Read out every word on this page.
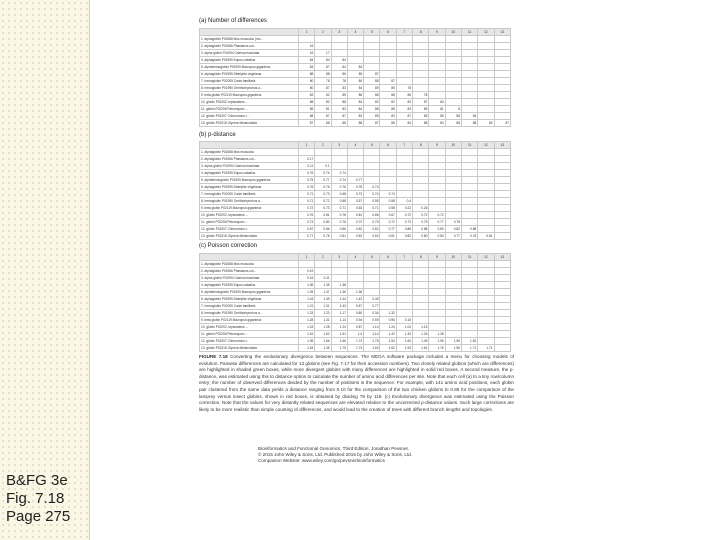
B&FG 3e
Fig. 7.18
Page 275
(a) Number of differences
	1	2	3	4	5	6	7	8	9	10	11	12	13
1. alphaglobin P02088 Mus musculus (mo...													
2. alphaglobin P01966 Phasianus col...	16												
3. alpha globin P01994 Cairina moschata	16	17											
4. alphaglobin P01995 Equus caballus	84	84	84										
5. alphahemoglobin P01993 Macropus giganteus	84	87	84	84									
6. alphaglobin P01995 Didelphis virginiana	88	88	86	85	87								
7. hemoglobin P02005 Canis familiaris	80	78	78	80	88	87							
8. hemoglobin P01990 Ornithorhynchus a...	80	87	83	84	89	85	78						
9. beta globin P02119 Macropus giganteus	83	82	85	86	88	88	85	78					
10. globin P02202 Lepisosteus ...	88	82	88	84	82	82	83	87	83				
11. globin P02208 Petromyzon ...	85	81	83	84	88	88	83	85	81	8			
12. globin P02207 Chironomus t...	88	87	87	83	89	83	87	85	85	88	84		
13. globin P02215 Glycera dibranchiata	87	88	88	88	87	86	84	88	84	88	88	84	87
(b) p-distance
	1	2	3	4	5	6	7	8	9	10	11	12	13
1. alphaglobin P02088 Mus musculus													
2. alphaglobin P01966 Phasianus col...	0.17												
3. alpha globin P01994 Cairina moschata	0.11	0.1											
4. alphaglobin P01995 Equus caballus	0.76	0.74	0.74										
5. alphahemoglobin P01993 Macropus giganteus	0.75	0.77	0.74	0.77									
6. alphaglobin P01995 Didelphis virginiana	0.76	0.76	0.76	0.78	0.74								
7. hemoglobin P02005 Canis familiaris	0.71	0.73	0.68	0.73	0.74	0.74							
8. hemoglobin P01990 Ornithorhynchus a...	0.71	0.72	0.68	0.57	0.55	0.58	0.4						
9. beta globin P02119 Macropus giganteus	0.72	0.73	0.71	0.63	0.71	0.58	0.22	0.26					
10. globin P02202 Lepisosteus ...	0.76	0.81	0.76	0.81	0.66	0.67	0.72	0.72	0.72				
11. globin P02208 Petromyzon ...	0.73	0.80	0.76	0.72	0.75	0.72	0.73	0.75	0.77	0.78			
12. globin P02207 Chironomus t...	0.87	0.86	0.86	0.82	0.82	0.77	0.86	0.88	0.80	0.82	0.88		
13. globin P02215 Glycera dibranchiata	0.77	0.78	0.81	0.82	0.82	0.81	0.82	0.80	0.83	0.77	0.78	0.81	
(c) Poisson correction
	1	2	3	4	5	6	7	8	9	10	11	12	13
1. alphaglobin P02088 Mus musculus													
2. alphaglobin P01966 Phasianus col...	0.19												
3. alpha globin P01994 Cairina moschata	0.16	0.11											
4. alphaglobin P01995 Equus caballus	1.36	1.35	1.38										
5. alphahemoglobin P01993 Macropus giganteus	1.39	1.47	1.36	1.36									
6. alphaglobin P01995 Didelphis virginiana	1.43	1.39	1.44	1.43	0.45								
7. hemoglobin P02005 Canis familiaris	1.21	1.31	1.43	0.67	0.77								
8. hemoglobin P01990 Ornithorhynchus a...	1.23	1.23	1.17	0.80	0.34	1.32							
9. beta globin P02119 Macropus giganteus	1.28	1.31	1.14	0.94	0.59	0.96	0.15						
10. globin P02202 Lepisosteus ...	1.23	1.28	1.24	0.87	1.14	1.24	1.04	1.15					
11. globin P02208 Petromyzon ...	1.51	1.62	1.51	1.4	1.14	1.42	1.33	1.26	1.28				
12. globin P02207 Chironomus t...	1.35	1.66	1.66	1.73	1.76	1.53	1.60	1.49	1.95	1.56	1.52		
13. globin P02215 Glycera dibranchiata	1.53	1.35	1.75	1.73	1.52	1.62	1.53	1.61	1.76	1.55	1.71	1.71	
FIGURE 7.18 Converting the evolutionary divergence between sequences. The MEGA software package includes a menu for choosing models of evolution. Pairwise differences are calculated for 13 globins (see Fig. 7.17 for their accession numbers). Two closely related globins (which are differences) are highlighted in shaded green boxes, while more divergent globins with many differences are highlighted in solid red boxes. A second measure, the p-distance, was estimated using this to distance option to calculate the number of amino acid differences per site. Note that each cell (a) to a tiny row/column entry; the number of observed differences divided by the number of positions in the sequence. For example, with 141 amino acid positions, each globin pair clustered from the same data yields a distance ranging from 0.10 for the comparison of the two chicken globins to 0.86 for the comparison of the lamprey versus insect globins, shown in red boxes, is obtained by dividing 79 by 119. (c) Evolutionary divergence was estimated using the Poisson correction. Note that the values for very distantly related sequences are elevated relative to the uncorrected p-distance values. Such large corrections are likely to be more realistic than simple counting of differences, and would lead to the creation of trees with different branch lengths and topologies.
Bioinformatics and Functional Genomics, Third Edition, Jonathan Pevsner.
© 2015 John Wiley & Sons, Ltd. Published 2015 by John Wiley & Sons, Ltd.
Companion Website: www.wiley.com/go/pevsnerbioinformatics
